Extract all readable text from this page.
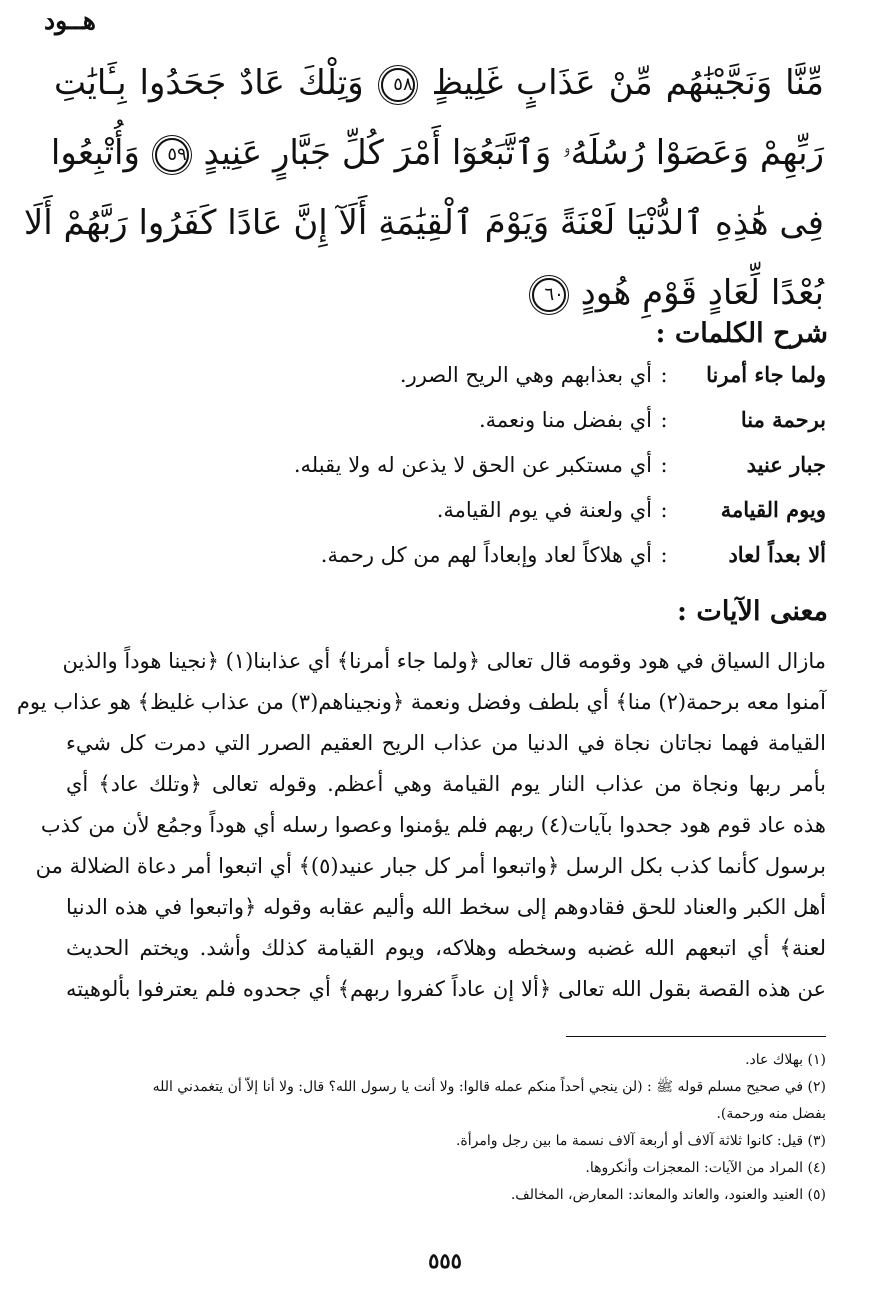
هــود
مِّنَّا وَنَجَّيْنَٰهُم مِّنْ عَذَابٍ غَلِيظٍ ٥٨ وَتِلْكَ عَادٌ جَحَدُوا بِـَٔايَٰتِ
رَبِّهِمْ وَعَصَوْا رُسُلَهُۥ وَٱتَّبَعُوٓا أَمْرَ كُلِّ جَبَّارٍ عَنِيدٍ ٥٩ وَأُتْبِعُوا
فِى هَٰذِهِ ٱلدُّنْيَا لَعْنَةً وَيَوْمَ ٱلْقِيَٰمَةِ أَلَآ إِنَّ عَادًا كَفَرُوا رَبَّهُمْ أَلَا
بُعْدًا لِّعَادٍ قَوْمِ هُودٍ ٦٠
شرح الكلمات :
ولما جاء أمرنا
:
أي بعذابهم وهي الريح الصرر.
برحمة منا
:
أي بفضل منا ونعمة.
جبار عنيد
:
أي مستكبر عن الحق لا يذعن له ولا يقبله.
ويوم القيامة
:
أي ولعنة في يوم القيامة.
ألا بعداً لعاد
:
أي هلاكاً لعاد وإبعاداً لهم من كل رحمة.
معنى الآيات :
مازال السياق في هود وقومه قال تعالى ﴿ولما جاء أمرنا﴾ أي عذابنا(١) ﴿نجينا هوداً والذين
آمنوا معه برحمة(٢) منا﴾ أي بلطف وفضل ونعمة ﴿ونجيناهم(٣) من عذاب غليظ﴾ هو عذاب يوم
القيامة فهما نجاتان نجاة في الدنيا من عذاب الريح العقيم الصرر التي دمرت كل شيء
بأمر ربها ونجاة من عذاب النار يوم القيامة وهي أعظم. وقوله تعالى ﴿وتلك عاد﴾ أي
هذه عاد قوم هود جحدوا بآيات(٤) ربهم فلم يؤمنوا وعصوا رسله أي هوداً وجمُع لأن من كذب
برسول كأنما كذب بكل الرسل ﴿واتبعوا أمر كل جبار عنيد(٥)﴾ أي اتبعوا أمر دعاة الضلالة من
أهل الكبر والعناد للحق فقادوهم إلى سخط الله وأليم عقابه وقوله ﴿واتبعوا في هذه الدنيا
لعنة﴾ أي اتبعهم الله غضبه وسخطه وهلاكه، ويوم القيامة كذلك وأشد. ويختم الحديث
عن هذه القصة بقول الله تعالى ﴿ألا إن عاداً كفروا ربهم﴾ أي جحدوه فلم يعترفوا بألوهيته
(١) بهلاك عاد.
(٢) في صحيح مسلم قوله ﷺ : (لن ينجي أحداً منكم عمله قالوا: ولا أنت يا رسول الله؟ قال: ولا أنا إلاّ أن يتغمدني الله
بفضل منه ورحمة).
(٣) قيل: كانوا ثلاثة آلاف أو أربعة آلاف نسمة ما بين رجل وامرأة.
(٤) المراد من الآيات: المعجزات وأنكروها.
(٥) العنيد والعنود، والعاند والمعاند: المعارض، المخالف.
٥٥٥
